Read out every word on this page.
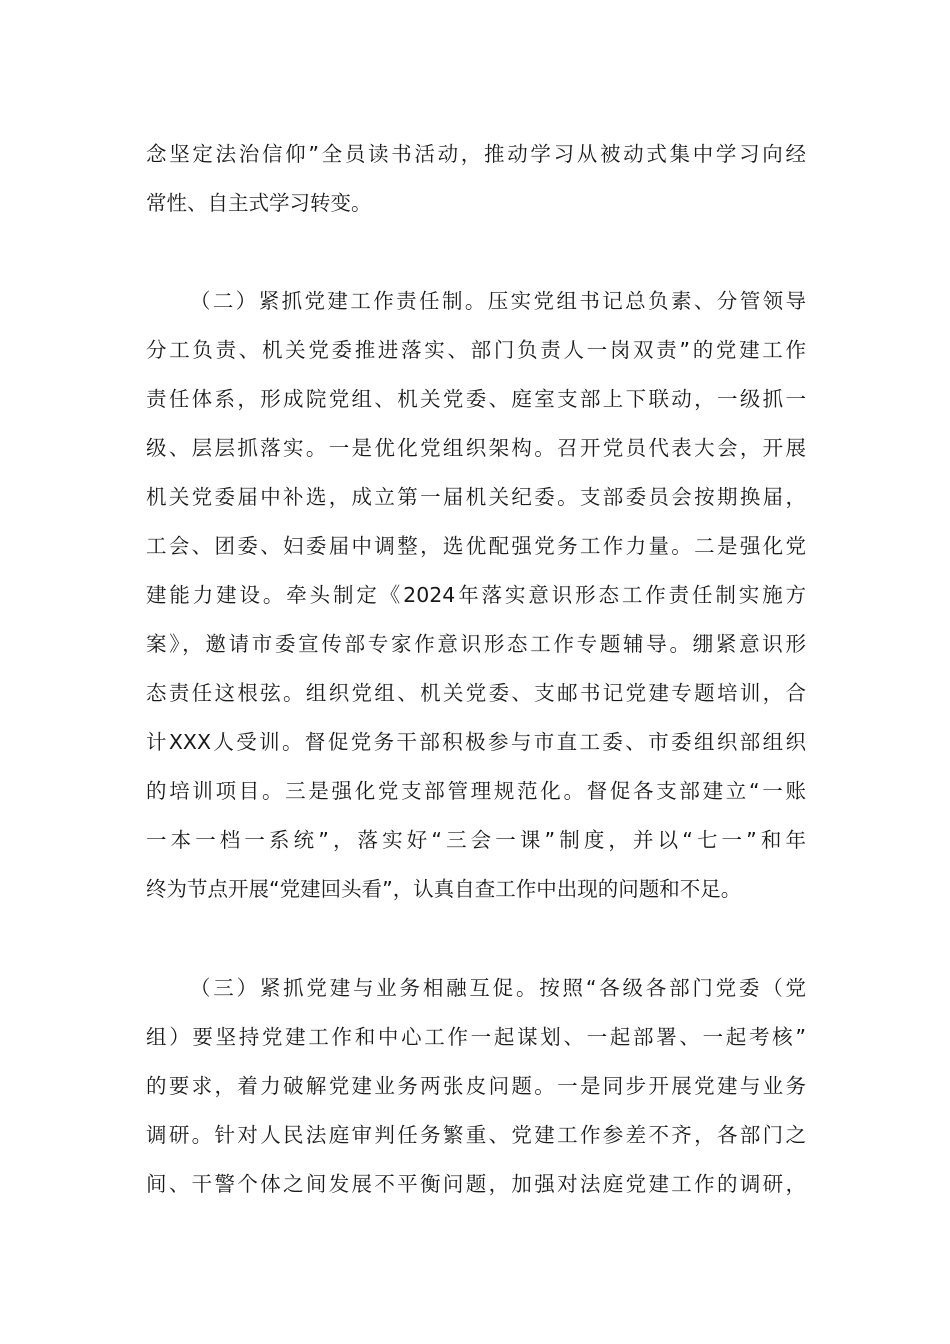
念坚定法治信仰”全员读书活动，推动学习从被动式集中学习向经
常性、自主式学习转变。
（二）紧抓党建工作责任制。压实党组书记总负素、分管领导
分工负责、机关党委推进落实、部门负责人一岗双责”的党建工作
责任体系，形成院党组、机关党委、庭室支部上下联动，一级抓一
级、层层抓落实。一是优化党组织架构。召开党员代表大会，开展
机关党委届中补选，成立第一届机关纪委。支部委员会按期换届，
工会、团委、妇委届中调整，选优配强党务工作力量。二是强化党
建能力建设。牵头制定《2024年落实意识形态工作责任制实施方
案》，邀请市委宣传部专家作意识形态工作专题辅导。绷紧意识形
态责任这根弦。组织党组、机关党委、支邮书记党建专题培训，合
计XXX人受训。督促党务干部积极参与市直工委、市委组织部组织
的培训项目。三是强化党支部管理规范化。督促各支部建立“一账
一本一档一系统”，落实好“三会一课”制度，并以“七一”和年
终为节点开展“党建回头看”，认真自查工作中出现的问题和不足。
（三）紧抓党建与业务相融互促。按照“各级各部门党委（党
组）要坚持党建工作和中心工作一起谋划、一起部署、一起考核”
的要求，着力破解党建业务两张皮问题。一是同步开展党建与业务
调研。针对人民法庭审判任务繁重、党建工作参差不齐，各部门之
间、干警个体之间发展不平衡问题，加强对法庭党建工作的调研，
